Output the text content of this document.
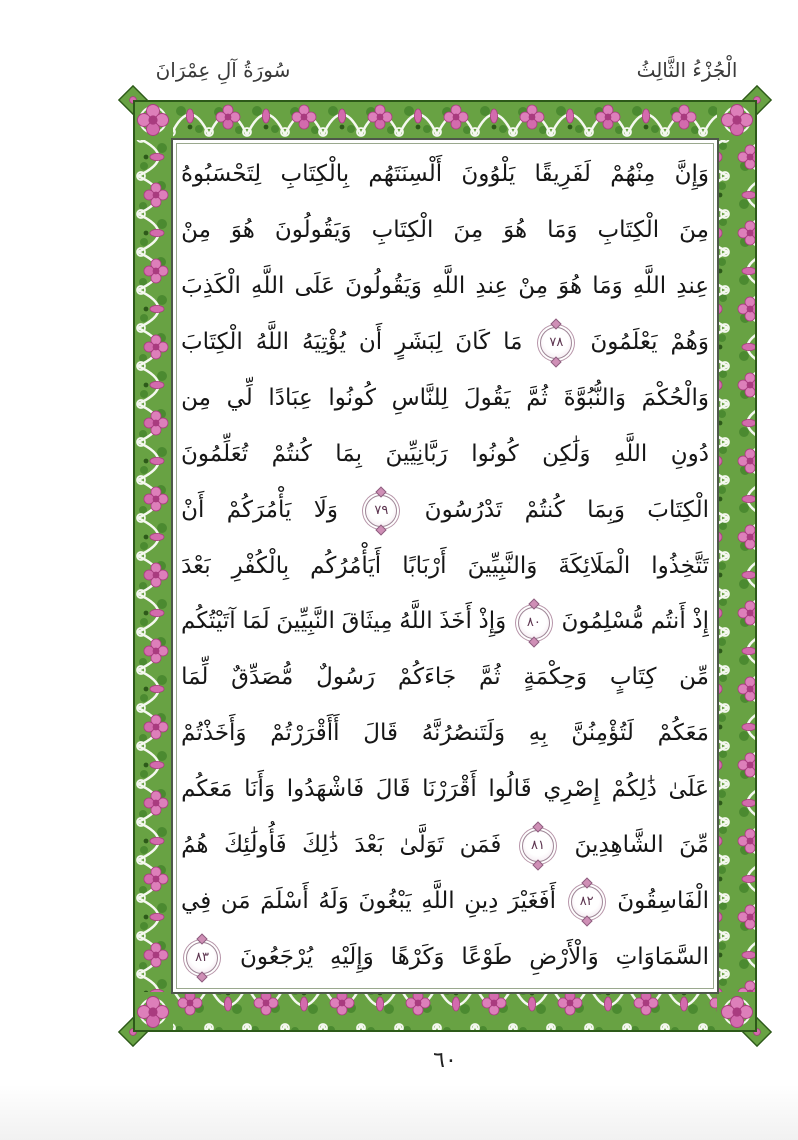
سُورَةُ آلِ عِمْرَانَ	الْجُزْءُ الثَّالِثُ
وَإِنَّ
مِنْهُمْ
لَفَرِيقًا
يَلْوُونَ
أَلْسِنَتَهُم
بِالْكِتَابِ
لِتَحْسَبُوهُ
مِنَ
الْكِتَابِ
وَمَا
هُوَ
مِنَ
الْكِتَابِ
وَيَقُولُونَ
هُوَ
مِنْ
عِندِ
اللَّهِ
وَمَا
هُوَ
مِنْ
عِندِ
اللَّهِ
وَيَقُولُونَ
عَلَى
اللَّهِ
الْكَذِبَ
وَهُمْ
يَعْلَمُونَ
٧٨
مَا
كَانَ
لِبَشَرٍ
أَن
يُؤْتِيَهُ
اللَّهُ
الْكِتَابَ
وَالْحُكْمَ
وَالنُّبُوَّةَ
ثُمَّ
يَقُولَ
لِلنَّاسِ
كُونُوا
عِبَادًا
لِّي
مِن
دُونِ
اللَّهِ
وَلَٰكِن
كُونُوا
رَبَّانِيِّينَ
بِمَا
كُنتُمْ
تُعَلِّمُونَ
الْكِتَابَ
وَبِمَا
كُنتُمْ
تَدْرُسُونَ
٧٩
وَلَا
يَأْمُرَكُمْ
أَنْ
تَتَّخِذُوا
الْمَلَائِكَةَ
وَالنَّبِيِّينَ
أَرْبَابًا
أَيَأْمُرُكُم
بِالْكُفْرِ
بَعْدَ
إِذْ
أَنتُم
مُّسْلِمُونَ
٨٠
وَإِذْ
أَخَذَ
اللَّهُ
مِيثَاقَ
النَّبِيِّينَ
لَمَا
آتَيْتُكُم
مِّن
كِتَابٍ
وَحِكْمَةٍ
ثُمَّ
جَاءَكُمْ
رَسُولٌ
مُّصَدِّقٌ
لِّمَا
مَعَكُمْ
لَتُؤْمِنُنَّ
بِهِ
وَلَتَنصُرُنَّهُ
قَالَ
أَأَقْرَرْتُمْ
وَأَخَذْتُمْ
عَلَىٰ
ذَٰلِكُمْ
إِصْرِي
قَالُوا
أَقْرَرْنَا
قَالَ
فَاشْهَدُوا
وَأَنَا
مَعَكُم
مِّنَ
الشَّاهِدِينَ
٨١
فَمَن
تَوَلَّىٰ
بَعْدَ
ذَٰلِكَ
فَأُولَٰئِكَ
هُمُ
الْفَاسِقُونَ
٨٢
أَفَغَيْرَ
دِينِ
اللَّهِ
يَبْغُونَ
وَلَهُ
أَسْلَمَ
مَن
فِي
السَّمَاوَاتِ
وَالْأَرْضِ
طَوْعًا
وَكَرْهًا
وَإِلَيْهِ
يُرْجَعُونَ
٨٣
٦٠
